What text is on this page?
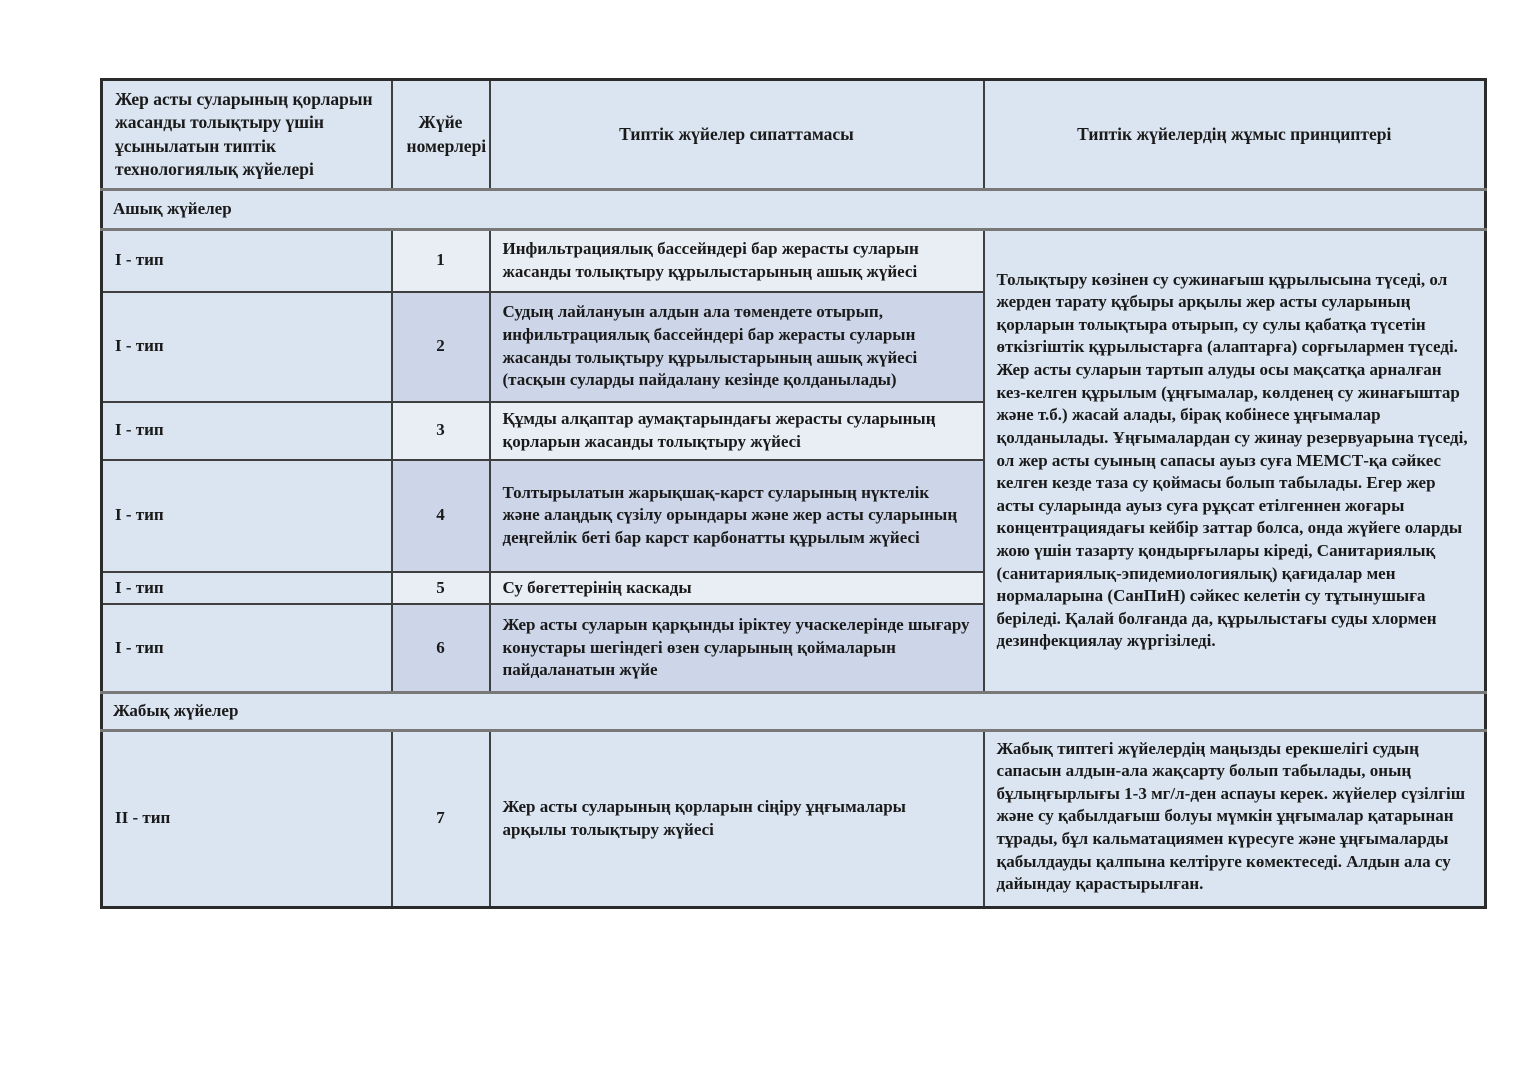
Жер асты суларының қорларын жасанды толықтыру үшін ұсынылатын типтік технологиялық жүйелері	Жүйе номерлері	Типтік жүйелер сипаттамасы	Типтік жүйелердің жұмыс принциптері
Ашық жүйелер			
I - тип	1	Инфильтрациялық бассейндері бар жерасты суларын жасанды толықтыру құрылыстарының ашық жүйесі	Толықтыру көзінен су сужинағыш құрылысына түседі, ол жерден тарату құбыры арқылы жер асты суларының қорларын толықтыра отырып, су сулы қабатқа түсетін өткізгіштік құрылыстарға (алаптарға) сорғылармен түседі. Жер асты суларын тартып алуды осы мақсатқа арналған кез-келген құрылым (ұңғымалар, көлденең су жинағыштар және т.б.) жасай алады, бірақ кобінесе ұңғымалар қолданылады. Ұңғымалардан су жинау резервуарына түседі, ол жер асты суының сапасы ауыз суға МЕМСТ-қа сәйкес келген кезде таза су қоймасы болып табылады. Егер жер асты суларында ауыз суға рұқсат етілгеннен жоғары концентрациядағы кейбір заттар болса, онда жүйеге оларды жою үшін тазарту қондырғылары кіреді, Санитариялық (санитариялық-эпидемиологиялық) қағидалар мен нормаларына (СанПиН) сәйкес келетін су тұтынушыға беріледі. Қалай болғанда да, құрылыстағы суды хлормен дезинфекциялау жүргізіледі.
I - тип	2	Судың лайлануын алдын ала төмендете отырып, инфильтрациялық бассейндері бар жерасты суларын жасанды толықтыру құрылыстарының ашық жүйесі (тасқын суларды пайдалану кезінде қолданылады)	
I - тип	3	Құмды алқаптар аумақтарындағы жерасты суларының қорларын жасанды толықтыру жүйесі	
I - тип	4	Толтырылатын жарықшақ-карст суларының нүктелік және алаңдық сүзілу орындары және жер асты суларының деңгейлік беті бар карст карбонатты құрылым жүйесі	
I - тип	5	Су бөгеттерінің каскады	
I - тип	6	Жер асты суларын қарқынды іріктеу учаскелерінде шығару конустары шегіндегі өзен суларының қоймаларын пайдаланатын жүйе	
Жабық жүйелер			
II - тип	7	Жер асты суларының қорларын сіңіру ұңғымалары арқылы толықтыру жүйесі	Жабық типтегі жүйелердің маңызды ерекшелігі судың сапасын алдын-ала жақсарту болып табылады, оның бұлыңғырлығы 1-3 мг/л-ден аспауы керек. жүйелер сүзілгіш және су қабылдағыш болуы мүмкін ұңғымалар қатарынан тұрады, бұл кальматациямен күресуге және ұңғымаларды қабылдауды қалпына келтіруге көмектеседі. Алдын ала су дайындау қарастырылған.
